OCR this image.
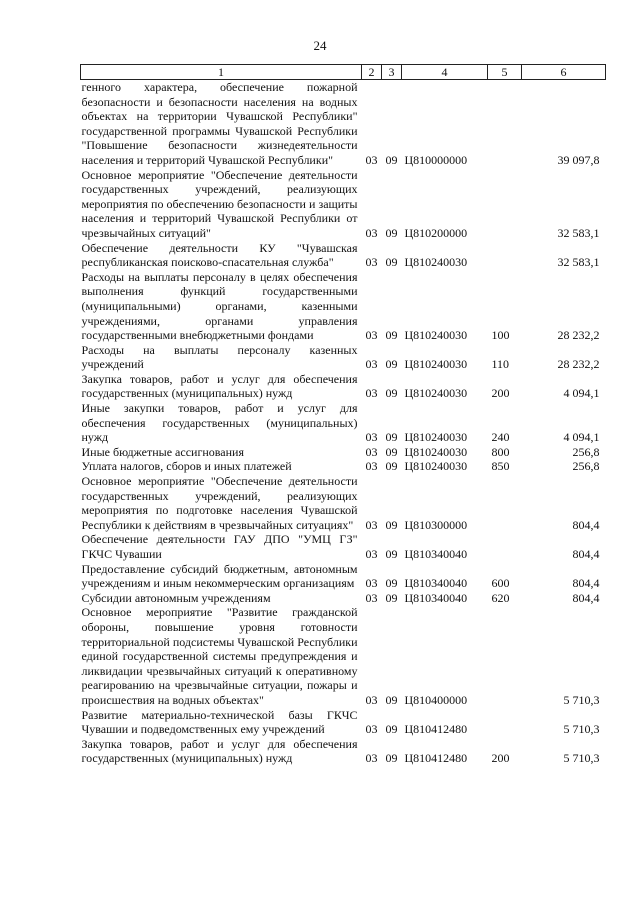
24
1	2	3	4	5	6
генного характера, обеспечение пожарной безопасности и безопасности населения на водных объектах на территории Чувашской Республики" государственной программы Чувашской Республики "Повышение безопасности жизнедеятельности населения и территорий Чувашской Республики"	03	09	Ц810000000		39 097,8
Основное мероприятие "Обеспечение деятельности государственных учреждений, реализующих мероприятия по обеспечению безопасности и защиты населения и территорий Чувашской Республики от чрезвычайных ситуаций"	03	09	Ц810200000		32 583,1
Обеспечение деятельности КУ "Чувашская республиканская поисково-спасательная служба"	03	09	Ц810240030		32 583,1
Расходы на выплаты персоналу в целях обеспечения выполнения функций государственными (муниципальными) органами, казенными учреждениями, органами управления государственными внебюджетными фондами	03	09	Ц810240030	100	28 232,2
Расходы на выплаты персоналу казенных учреждений	03	09	Ц810240030	110	28 232,2
Закупка товаров, работ и услуг для обеспечения государственных (муниципальных) нужд	03	09	Ц810240030	200	4 094,1
Иные закупки товаров, работ и услуг для обеспечения государственных (муниципальных) нужд	03	09	Ц810240030	240	4 094,1
Иные бюджетные ассигнования	03	09	Ц810240030	800	256,8
Уплата налогов, сборов и иных платежей	03	09	Ц810240030	850	256,8
Основное мероприятие "Обеспечение деятельности государственных учреждений, реализующих мероприятия по подготовке населения Чувашской Республики к действиям в чрезвычайных ситуациях"	03	09	Ц810300000		804,4
Обеспечение деятельности ГАУ ДПО "УМЦ ГЗ" ГКЧС Чувашии	03	09	Ц810340040		804,4
Предоставление субсидий бюджетным, автономным учреждениям и иным некоммерческим организациям	03	09	Ц810340040	600	804,4
Субсидии автономным учреждениям	03	09	Ц810340040	620	804,4
Основное мероприятие "Развитие гражданской обороны, повышение уровня готовности территориальной подсистемы Чувашской Республики единой государственной системы предупреждения и ликвидации чрезвычайных ситуаций к оперативному реагированию на чрезвычайные ситуации, пожары и происшествия на водных объектах"	03	09	Ц810400000		5 710,3
Развитие материально-технической базы ГКЧС Чувашии и подведомственных ему учреждений	03	09	Ц810412480		5 710,3
Закупка товаров, работ и услуг для обеспечения государственных (муниципальных) нужд	03	09	Ц810412480	200	5 710,3
